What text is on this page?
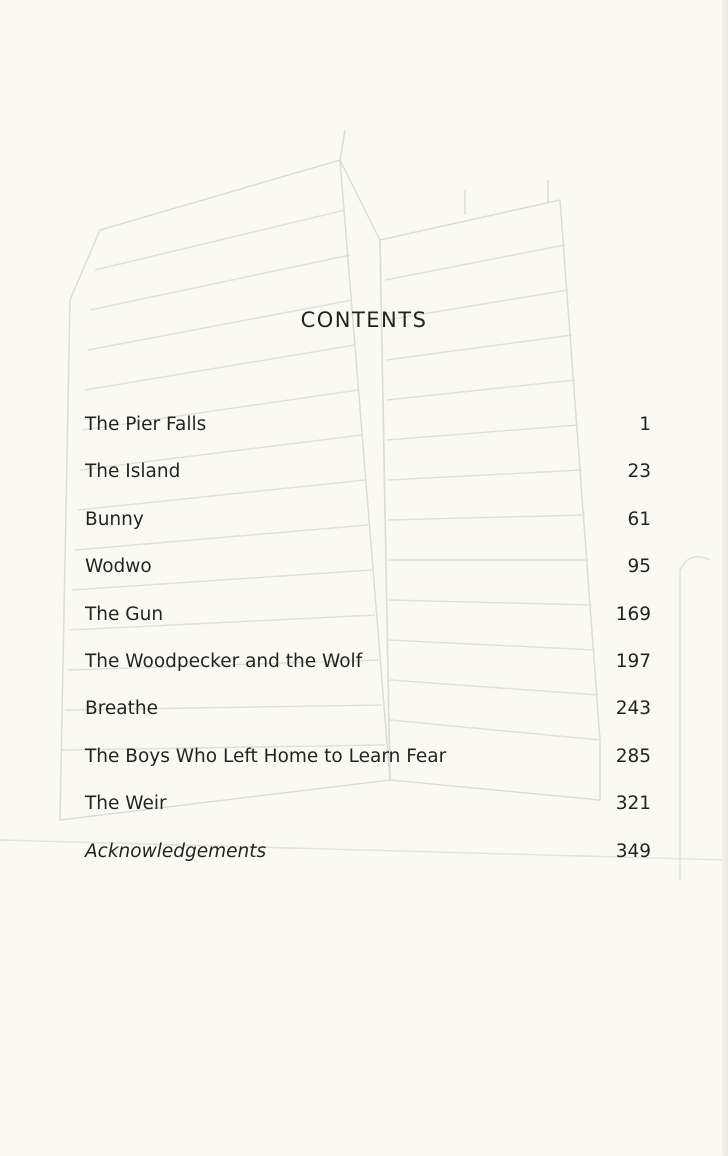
CONTENTS
The Pier Falls	1
The Island	23
Bunny	61
Wodwo	95
The Gun	169
The Woodpecker and the Wolf	197
Breathe	243
The Boys Who Left Home to Learn Fear	285
The Weir	321
Acknowledgements	349
